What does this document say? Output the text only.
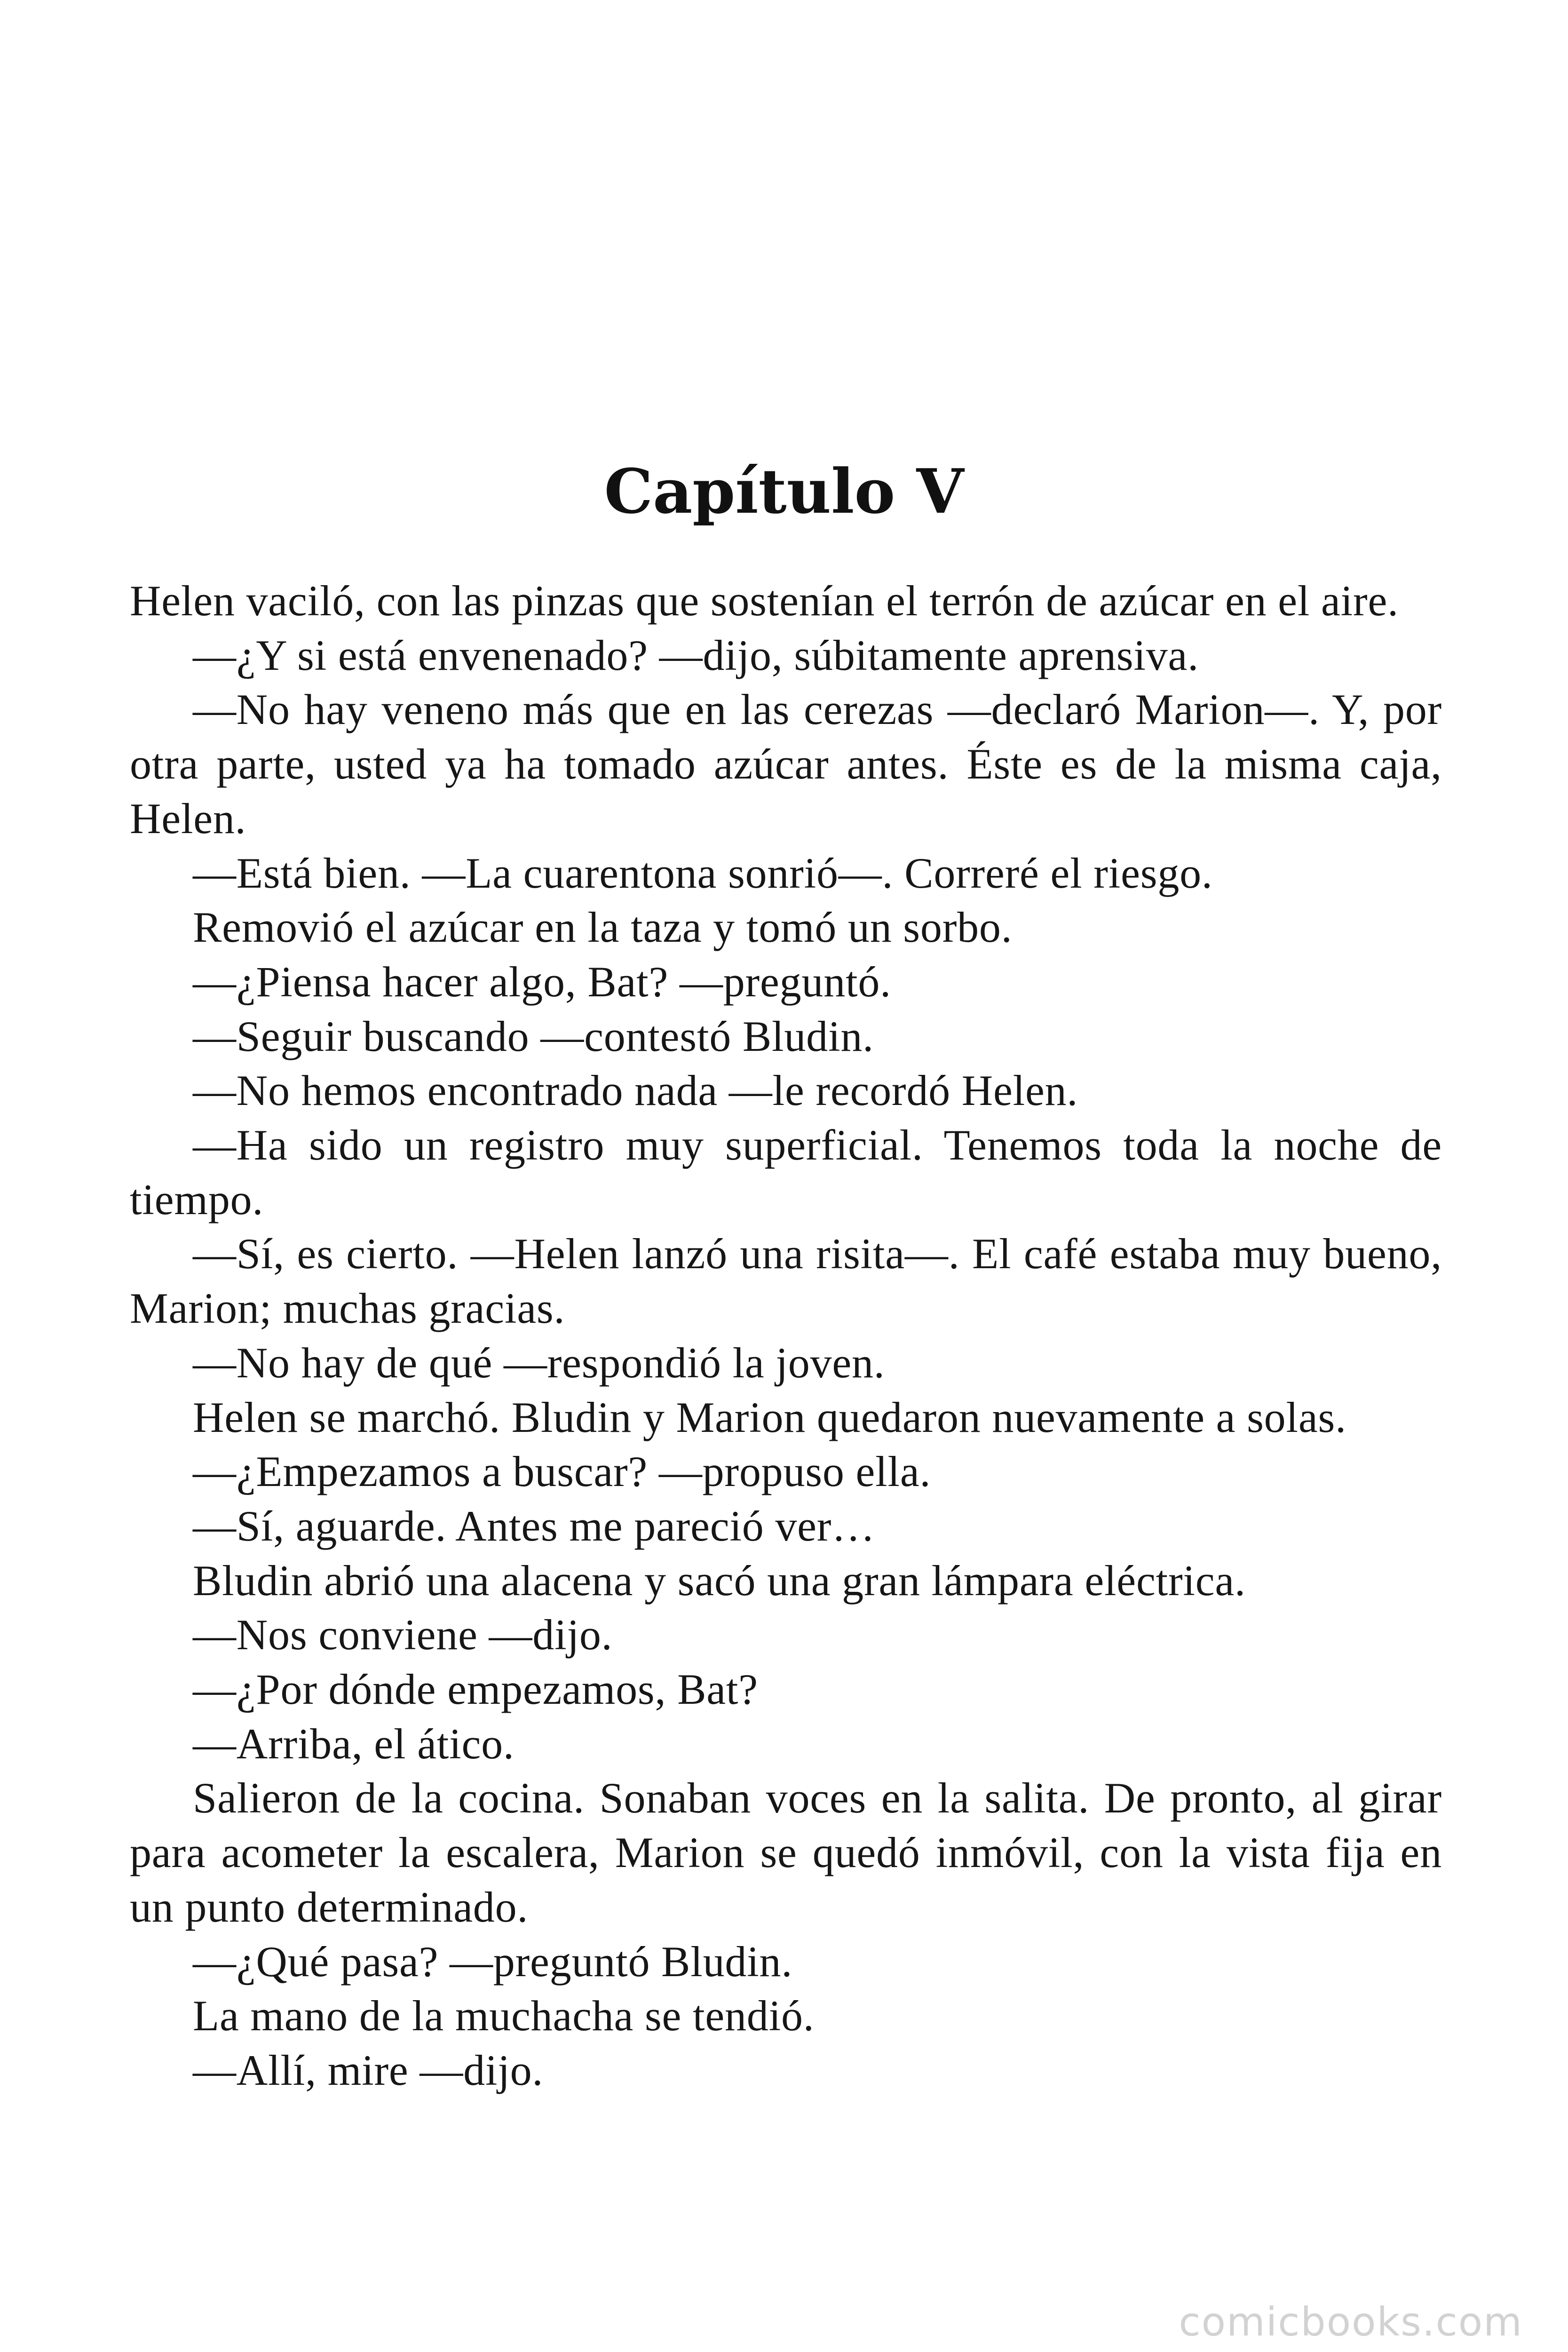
Capítulo V

Helen vaciló, con las pinzas que sostenían el terrón de azúcar en el aire.

—¿Y si está envenenado? —dijo, súbitamente aprensiva.

—No hay veneno más que en las cerezas —declaró Marion—. Y, por otra parte, usted ya ha tomado azúcar antes. Éste es de la misma caja, Helen.

—Está bien. —La cuarentona sonrió—. Correré el riesgo.

Removió el azúcar en la taza y tomó un sorbo.

—¿Piensa hacer algo, Bat? —preguntó.

—Seguir buscando —contestó Bludin.

—No hemos encontrado nada —le recordó Helen.

—Ha sido un registro muy superficial. Tenemos toda la noche de tiempo.

—Sí, es cierto. —Helen lanzó una risita—. El café estaba muy bueno, Marion; muchas gracias.

—No hay de qué —respondió la joven.

Helen se marchó. Bludin y Marion quedaron nuevamente a solas.

—¿Empezamos a buscar? —propuso ella.

—Sí, aguarde. Antes me pareció ver…

Bludin abrió una alacena y sacó una gran lámpara eléctrica.

—Nos conviene —dijo.

—¿Por dónde empezamos, Bat?

—Arriba, el ático.

Salieron de la cocina. Sonaban voces en la salita. De pronto, al girar para acometer la escalera, Marion se quedó inmóvil, con la vista fija en un punto determinado.

—¿Qué pasa? —preguntó Bludin.

La mano de la muchacha se tendió.

—Allí, mire —dijo.

comicbooks.com
